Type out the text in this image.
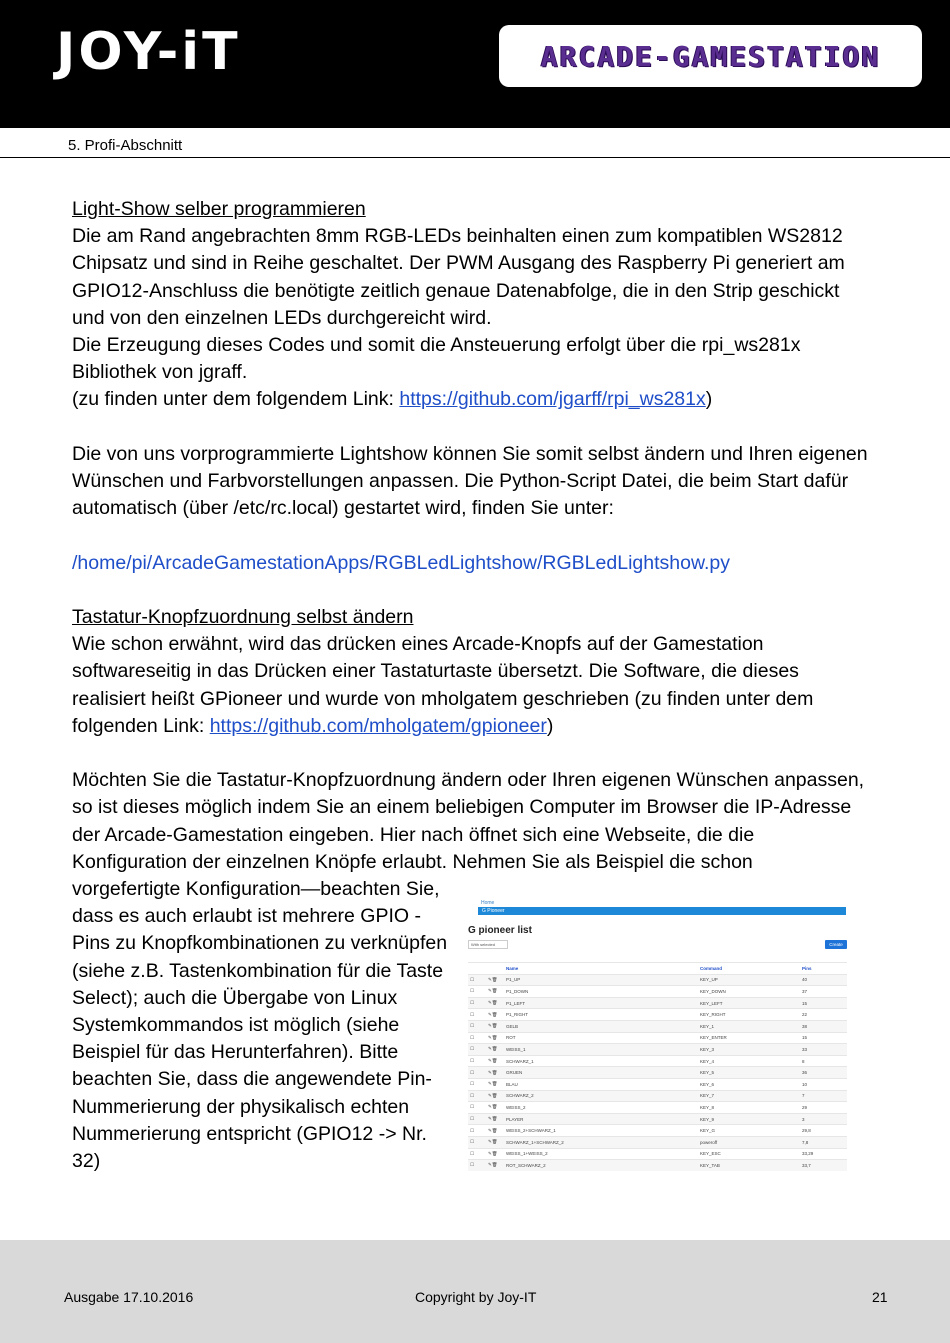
JOY-iT	ARCADE-GAMESTATION
5. Profi-Abschnitt

Light-Show selber programmieren

Die am Rand angebrachten 8mm RGB-LEDs beinhalten einen zum kompatiblen WS2812 Chipsatz und sind in Reihe geschaltet. Der PWM Ausgang des Raspberry Pi generiert am GPIO12-Anschluss die benötigte zeitlich genaue Datenabfolge, die in den Strip geschickt und von den einzelnen LEDs durchgereicht wird.

Die Erzeugung dieses Codes und somit die Ansteuerung erfolgt über die rpi_ws281x Bibliothek von jgraff.

(zu finden unter dem folgendem Link: https://github.com/jgarff/rpi_ws281x)

Die von uns vorprogrammierte Lightshow können Sie somit selbst ändern und Ihren eigenen Wünschen und Farbvorstellungen anpassen. Die Python-Script Datei, die beim Start dafür automatisch (über /etc/rc.local) gestartet wird, finden Sie unter:

/home/pi/ArcadeGamestationApps/RGBLedLightshow/RGBLedLightshow.py

Tastatur-Knopfzuordnung selbst ändern

Wie schon erwähnt, wird das drücken eines Arcade-Knopfs auf der Gamestation softwareseitig in das Drücken einer Tastaturtaste übersetzt. Die Software, die dieses realisiert heißt GPioneer und wurde von mholgatem geschrieben (zu finden unter dem folgenden Link: https://github.com/mholgatem/gpioneer)

Möchten Sie die Tastatur-Knopfzuordnung ändern oder Ihren eigenen Wünschen anpassen, so ist dieses möglich indem Sie an einem beliebigen Computer im Browser die IP-Adresse der Arcade-Gamestation eingeben. Hier nach öffnet sich eine Webseite, die die Konfiguration der einzelnen Knöpfe erlaubt. Nehmen Sie als Beispiel die schon

vorgefertigte Konfiguration—beachten Sie, dass es auch erlaubt ist mehrere GPIO -Pins zu Knopfkombinationen zu verknüpfen (siehe z.B. Tastenkombination für die Taste Select); auch die Übergabe von Linux Systemkommandos ist möglich (siehe Beispiel für das Herunterfahren). Bitte beachten Sie, dass die angewendete Pin-Nummerierung der physikalisch echten Nummerierung entspricht (GPIO12 -> Nr. 32)

Home
G Pioneer
G pioneer list
With selected	Create
		Name	Command	Pins
☐	✎🗑	P1_UP	KEY_UP	40
☐	✎🗑	P1_DOWN	KEY_DOWN	37
☐	✎🗑	P1_LEFT	KEY_LEFT	15
☐	✎🗑	P1_RIGHT	KEY_RIGHT	22
☐	✎🗑	GELB	KEY_1	38
☐	✎🗑	ROT	KEY_ENTER	15
☐	✎🗑	WEISS_1	KEY_3	33
☐	✎🗑	SCHWARZ_1	KEY_4	8
☐	✎🗑	GRUEN	KEY_5	36
☐	✎🗑	BLAU	KEY_6	10
☐	✎🗑	SCHWARZ_2	KEY_7	7
☐	✎🗑	WEISS_2	KEY_8	29
☐	✎🗑	PLAYER	KEY_9	3
☐	✎🗑	WEISS_2+SCHWARZ_1	KEY_G	29,8
☐	✎🗑	SCHWARZ_1+SCHWARZ_2	poweroff	7,8
☐	✎🗑	WEISS_1+WEISS_2	KEY_ESC	33,29
☐	✎🗑	ROT_SCHWARZ_2	KEY_TAB	33,7
Ausgabe 17.10.2016	Copyright by Joy-IT	21
